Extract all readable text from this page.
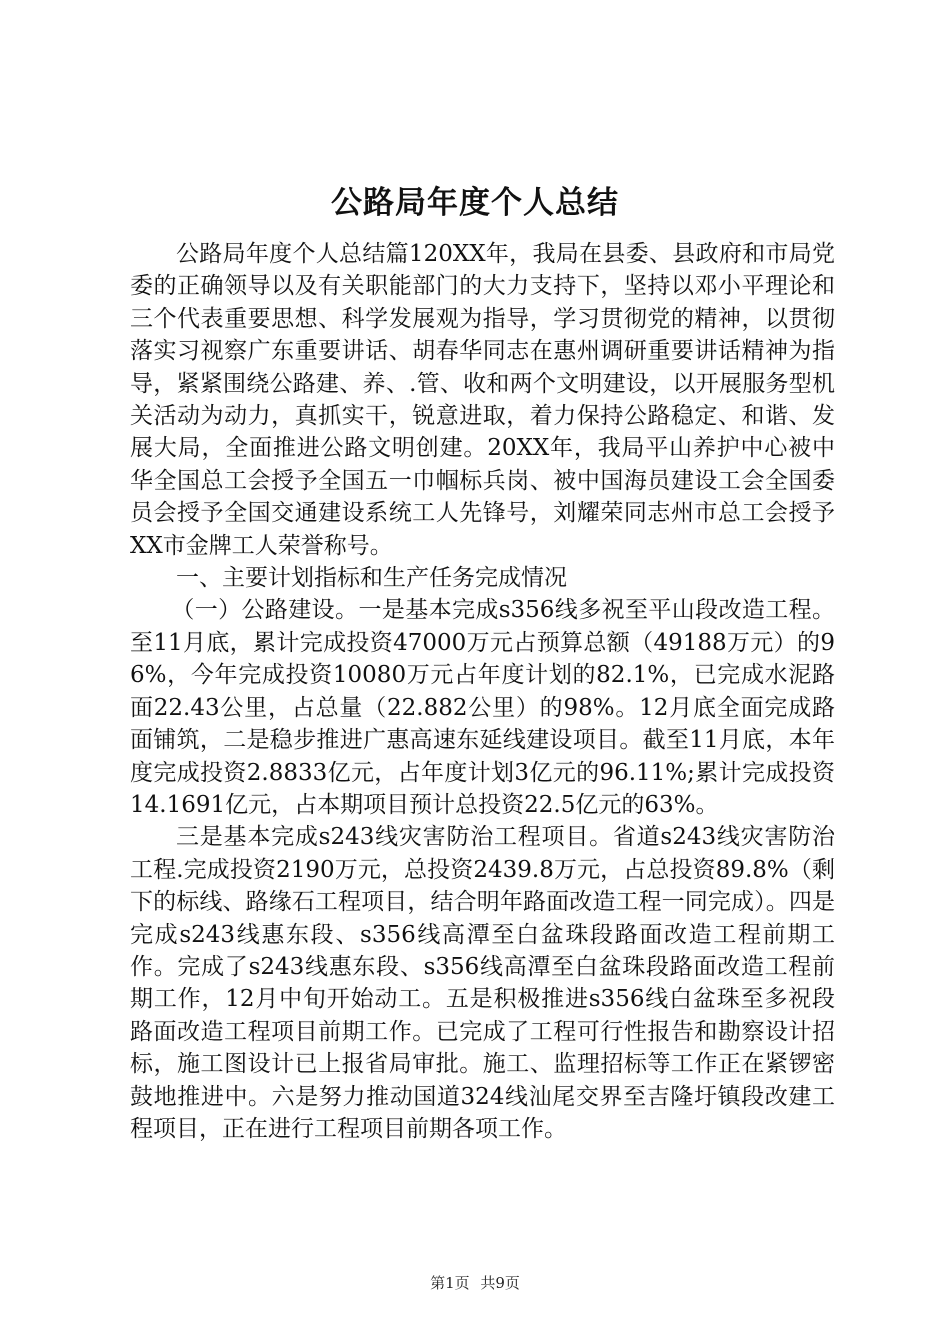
公路局年度个人总结

公路局年度个人总结篇120XX年，我局在县委、县政府和市局党委的正确领导以及有关职能部门的大力支持下，坚持以邓小平理论和三个代表重要思想、科学发展观为指导，学习贯彻党的精神，以贯彻落实习视察广东重要讲话、胡春华同志在惠州调研重要讲话精神为指导，紧紧围绕公路建、养、.管、收和两个文明建设，以开展服务型机关活动为动力，真抓实干，锐意进取，着力保持公路稳定、和谐、发展大局，全面推进公路文明创建。20XX年，我局平山养护中心被中华全国总工会授予全国五一巾帼标兵岗、被中国海员建设工会全国委员会授予全国交通建设系统工人先锋号，刘耀荣同志州市总工会授予XX市金牌工人荣誉称号。

一、主要计划指标和生产任务完成情况

（一）公路建设。一是基本完成s356线多祝至平山段改造工程。至11月底，累计完成投资47000万元占预算总额（49188万元）的96%，今年完成投资10080万元占年度计划的82.1%，已完成水泥路面22.43公里，占总量（22.882公里）的98%。12月底全面完成路面铺筑，二是稳步推进广惠高速东延线建设项目。截至11月底，本年度完成投资2.8833亿元，占年度计划3亿元的96.11%;累计完成投资14.1691亿元，占本期项目预计总投资22.5亿元的63%。

三是基本完成s243线灾害防治工程项目。省道s243线灾害防治工程.完成投资2190万元，总投资2439.8万元，占总投资89.8%（剩下的标线、路缘石工程项目，结合明年路面改造工程一同完成）。四是完成s243线惠东段、s356线高潭至白盆珠段路面改造工程前期工作。完成了s243线惠东段、s356线高潭至白盆珠段路面改造工程前期工作，12月中旬开始动工。五是积极推进s356线白盆珠至多祝段路面改造工程项目前期工作。已完成了工程可行性报告和勘察设计招标，施工图设计已上报省局审批。施工、监理招标等工作正在紧锣密鼓地推进中。六是努力推动国道324线汕尾交界至吉隆圩镇段改建工程项目，正在进行工程项目前期各项工作。

第1页 共9页
